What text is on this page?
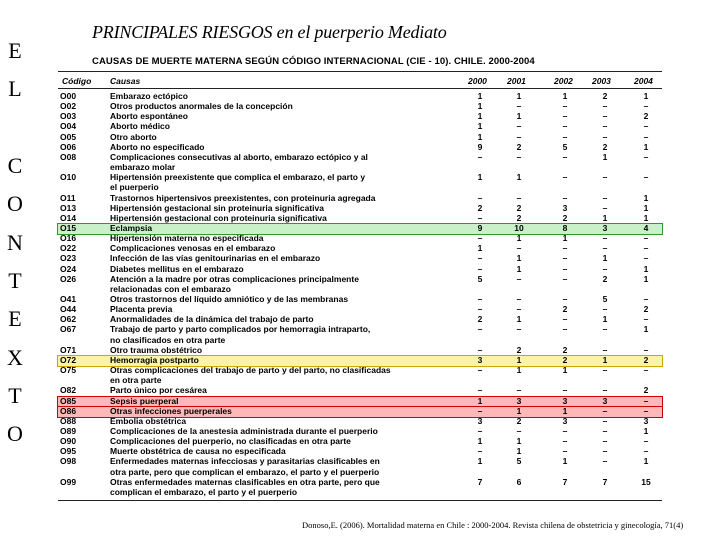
E
L
C
O
N
T
E
X
T
O
PRINCIPALES RIESGOS en el puerperio Mediato
CAUSAS DE MUERTE MATERNA SEGÚN CÓDIGO INTERNACIONAL (CIE - 10). CHILE. 2000-2004
Código Causas	2000 2001	2002 2003	2004
O00	Embarazo ectópico	1	1	1	2	1
O02	Otros productos anormales de la concepción	1	–	–	–	–
O03	Aborto espontáneo	1	1	–	–	2
O04	Aborto médico	1	–	–	–	–
O05	Otro aborto	1	–	–	–	–
O06	Aborto no especificado	9	2	5	2	1
O08	Complicaciones consecutivas al aborto, embarazo ectópico y al	–	–	–	1	–
embarazo molar
O10	Hipertensión preexistente que complica el embarazo, el parto y	1	1	–	–	–
el puerperio
O11	Trastornos hipertensivos preexistentes, con proteinuria agregada	–	–	–	–	1
O13	Hipertensión gestacional sin proteinuria significativa	2	2	3	–	1
O14	Hipertensión gestacional con proteinuria significativa	–	2	2	1	1
O15	Eclampsia	9	10	8	3	4
O16	Hipertensión materna no especificada	–	1	1	–	–
O22	Complicaciones venosas en el embarazo	1	–	–	–	–
O23	Infección de las vías genitourinarias en el embarazo	–	1	–	1	–
O24	Diabetes mellitus en el embarazo	–	1	–	–	1
O26	Atención a la madre por otras complicaciones principalmente	5	–	–	2	1
relacionadas con el embarazo
O41	Otros trastornos del líquido amniótico y de las membranas	–	–	–	5	–
O44	Placenta previa	–	–	2	–	2
O62	Anormalidades de la dinámica del trabajo de parto	2	1	–	1	–
O67	Trabajo de parto y parto complicados por hemorragia intraparto,	–	–	–	–	1
no clasificados en otra parte
O71	Otro trauma obstétrico	–	2	2	–	–
O72	Hemorragia postparto	3	1	2	1	2
O75	Otras complicaciones del trabajo de parto y del parto, no clasificadas	–	1	1	–	–
en otra parte
O82	Parto único por cesárea	–	–	–	–	2
O85	Sepsis puerperal	1	3	3	3	–
O86	Otras infecciones puerperales	–	1	1	–	–
O88	Embolia obstétrica	3	2	3	–	3
O89	Complicaciones de la anestesia administrada durante el puerperio	–	–	–	–	1
O90	Complicaciones del puerperio, no clasificadas en otra parte	1	1	–	–	–
O95	Muerte obstétrica de causa no especificada	–	1	–	–	–
O98	Enfermedades maternas infecciosas y parasitarias clasificables en	1	5	1	–	1
otra parte, pero que complican el embarazo, el parto y el puerperio
O99	Otras enfermedades maternas clasificables en otra parte, pero que	7	6	7	7	15
complican el embarazo, el parto y el puerperio
Donoso,E. (2006). Mortalidad materna en Chile : 2000-2004. Revista chilena de obstetricia y ginecología, 71(4)
